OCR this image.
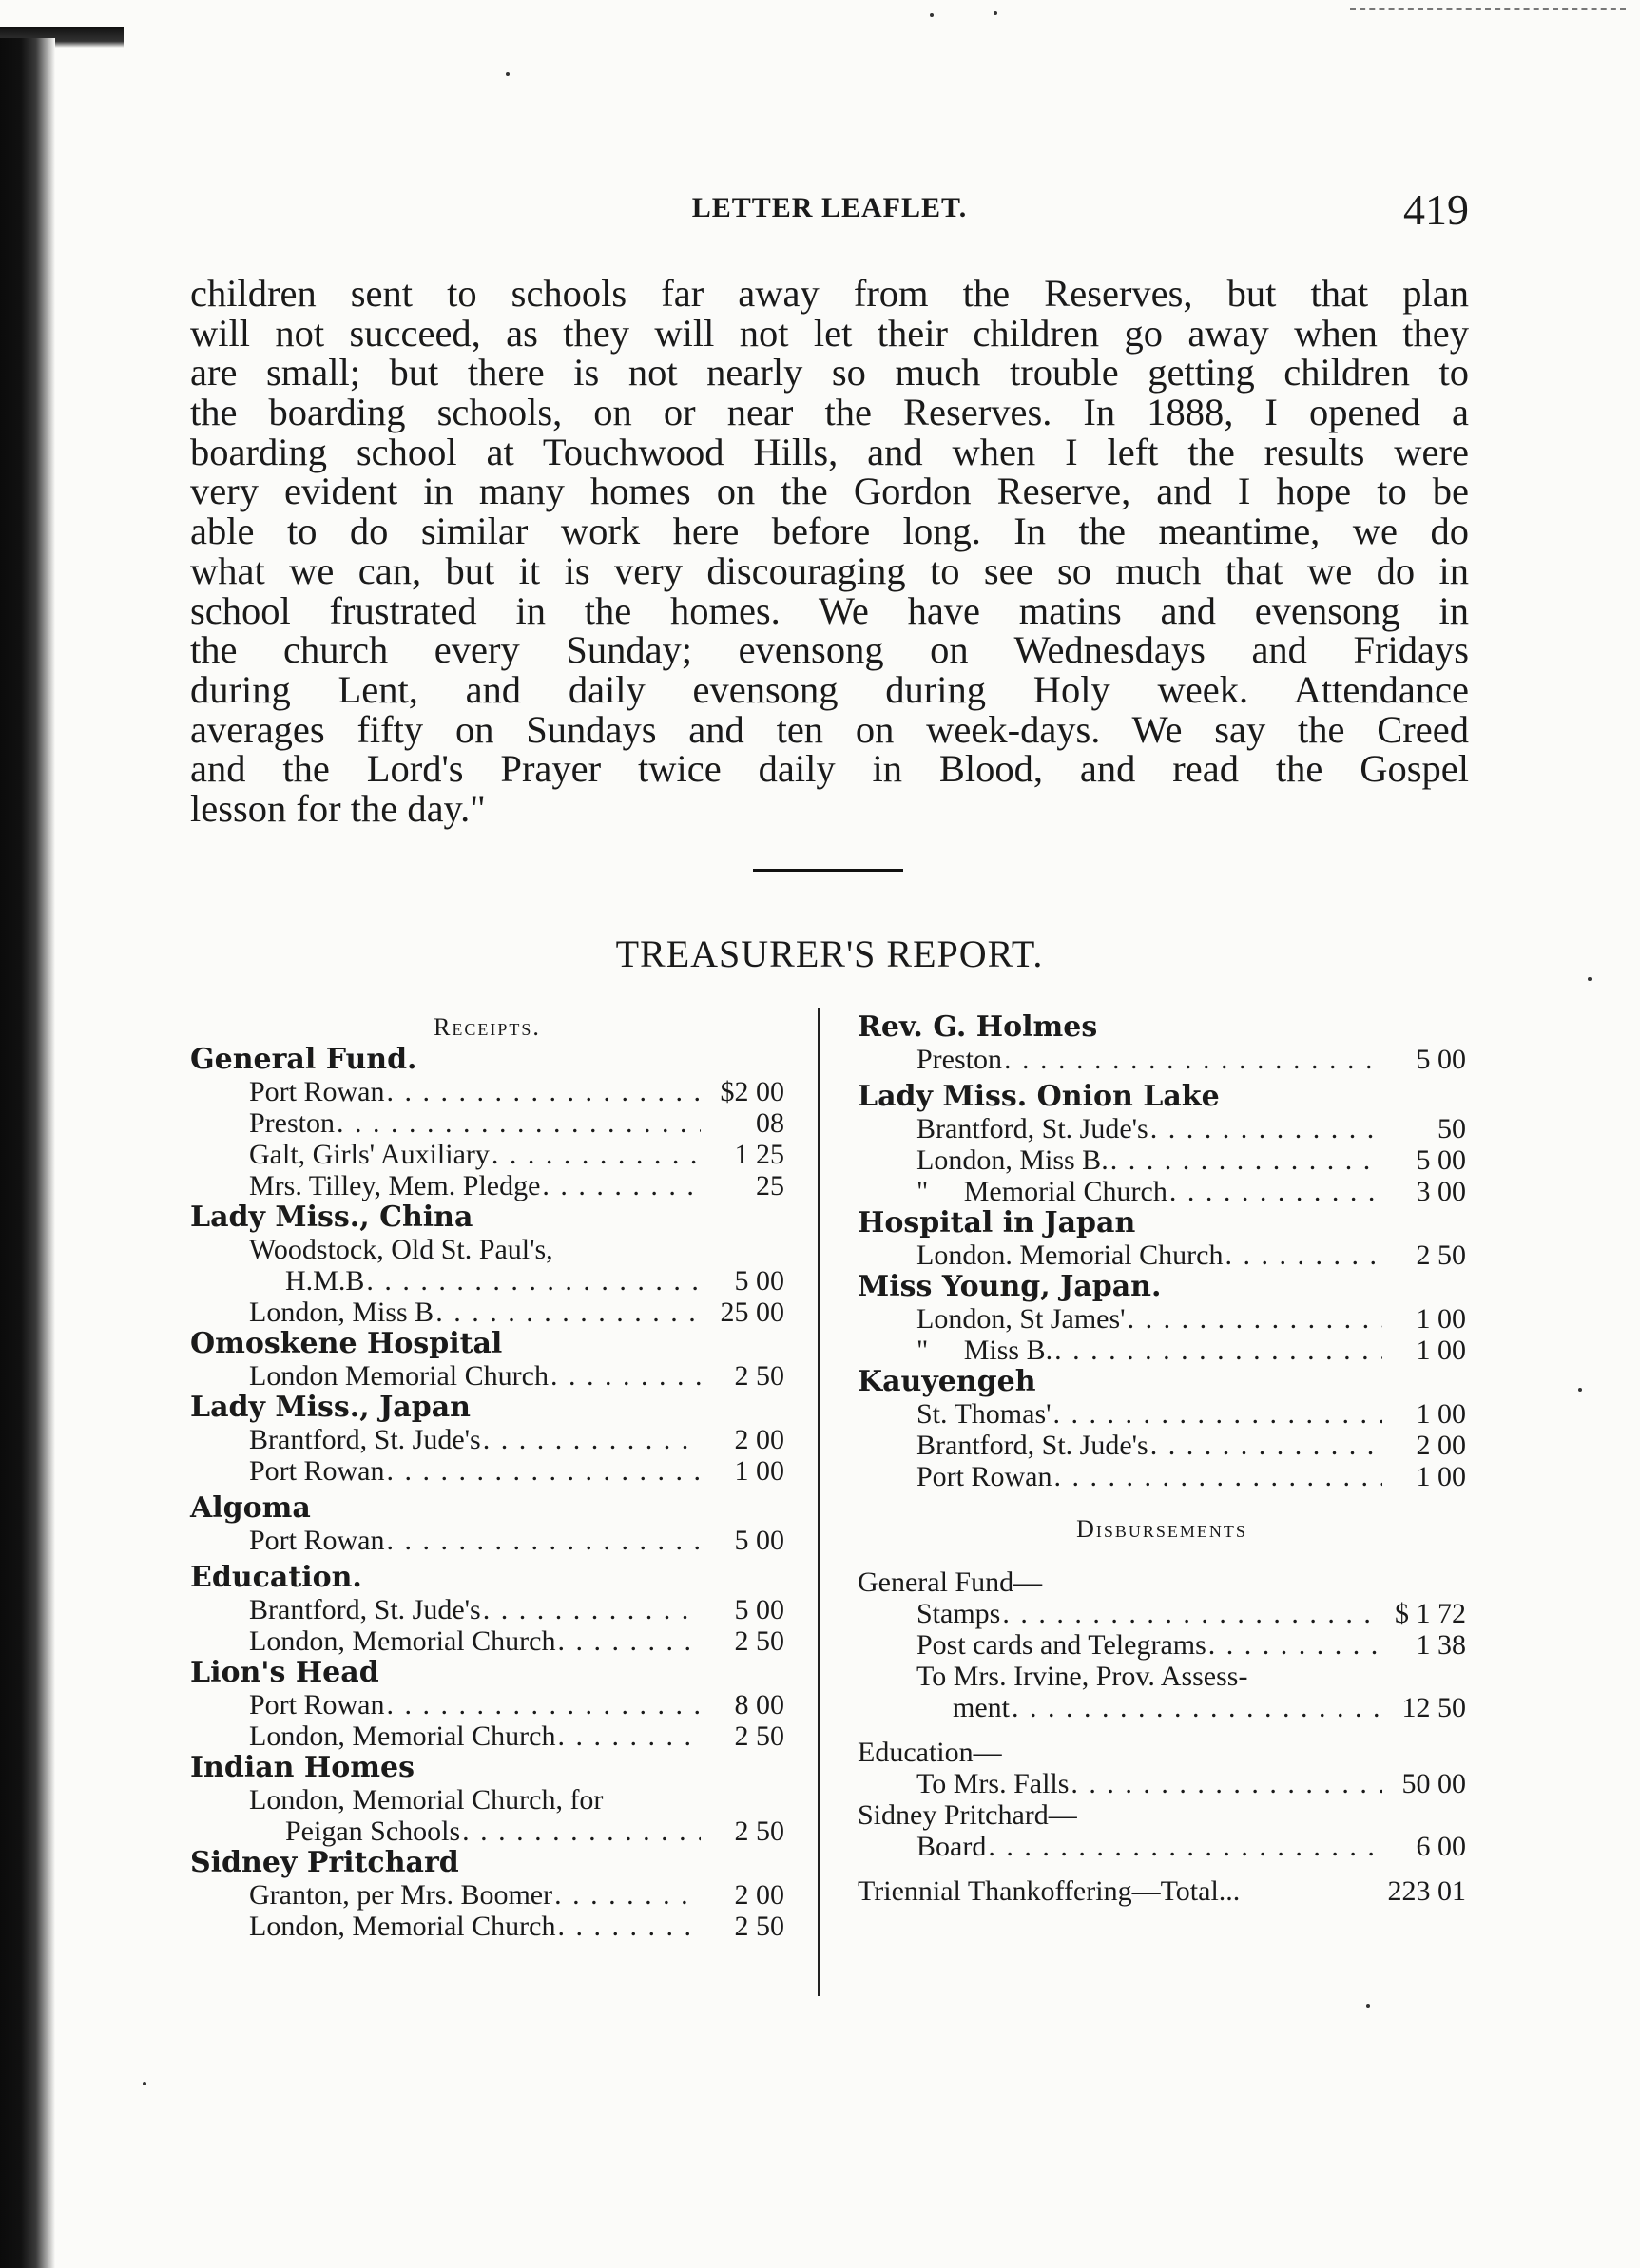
LETTER LEAFLET.	419
children sent to schools far away from the Reserves, but that plan
will not succeed, as they will not let their children go away when they
are small; but there is not nearly so much trouble getting children to
the boarding schools, on or near the Reserves. In 1888, I opened a
boarding school at Touchwood Hills, and when I left the results were
very evident in many homes on the Gordon Reserve, and I hope to be
able to do similar work here before long. In the meantime, we do
what we can, but it is very discouraging to see so much that we do in
school frustrated in the homes. We have matins and evensong in
the church every Sunday; evensong on Wednesdays and Fridays
during Lent, and daily evensong during Holy week. Attendance
averages fifty on Sundays and ten on week-days. We say the Creed
and the Lord's Prayer twice daily in Blood, and read the Gospel
lesson for the day."
TREASURER'S REPORT.
Receipts.
General Fund.
Port Rowan . . .	$2 00
Preston . . .	08
Galt, Girls' Auxiliary . . .	1 25
Mrs. Tilley, Mem. Pledge . . .	25
Lady Miss., China
Woodstock, Old St. Paul's,
H.M.B . . .	5 00
London, Miss B . . .	25 00
Omoskene Hospital
London Memorial Church . . .	2 50
Lady Miss., Japan
Brantford, St. Jude's . . .	2 00
Port Rowan . . .	1 00
Algoma
Port Rowan . . .	5 00
Education.
Brantford, St. Jude's . . .	5 00
London, Memorial Church . . .	2 50
Lion's Head
Port Rowan . . .	8 00
London, Memorial Church . . .	2 50
Indian Homes
London, Memorial Church, for
Peigan Schools . . .	2 50
Sidney Pritchard
Granton, per Mrs. Boomer . . .	2 00
London, Memorial Church . . .	2 50
Rev. G. Holmes
Preston . . .	5 00
Lady Miss. Onion Lake
Brantford, St. Jude's . . .	50
London, Miss B. . . .	5 00
"     Memorial Church . . .	3 00
Hospital in Japan
London. Memorial Church . . .	2 50
Miss Young, Japan.
London, St James' . . .	1 00
"     Miss B. . . .	1 00
Kauyengeh
St. Thomas' . . .	1 00
Brantford, St. Jude's . . .	2 00
Port Rowan . . .	1 00
Disbursements
General Fund—
Stamps . . .	$ 1 72
Post cards and Telegrams . . .	1 38
To Mrs. Irvine, Prov. Assess-
ment . . .	12 50
Education—
To Mrs. Falls . . .	50 00
Sidney Pritchard—
Board . . .	6 00
Triennial Thankoffering—Total...	223 01
